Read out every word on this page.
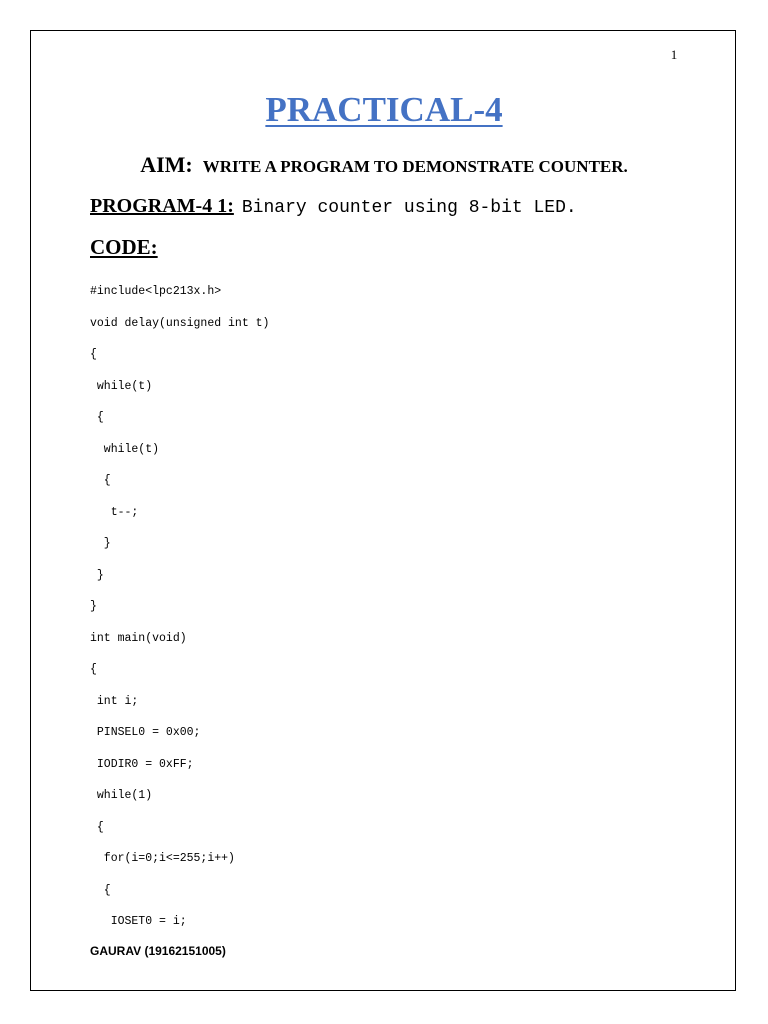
1
PRACTICAL-4
AIM: WRITE A PROGRAM TO DEMONSTRATE COUNTER.
PROGRAM-4 1: Binary counter using 8-bit LED.
CODE:
#include<lpc213x.h>
void delay(unsigned int t)
{
while(t)
{
while(t)
{
t--;
}
}
}
int main(void)
{
int i;
PINSEL0 = 0x00;
IODIR0 = 0xFF;
while(1)
{
for(i=0;i<=255;i++)
{
IOSET0 = i;
GAURAV (19162151005)
